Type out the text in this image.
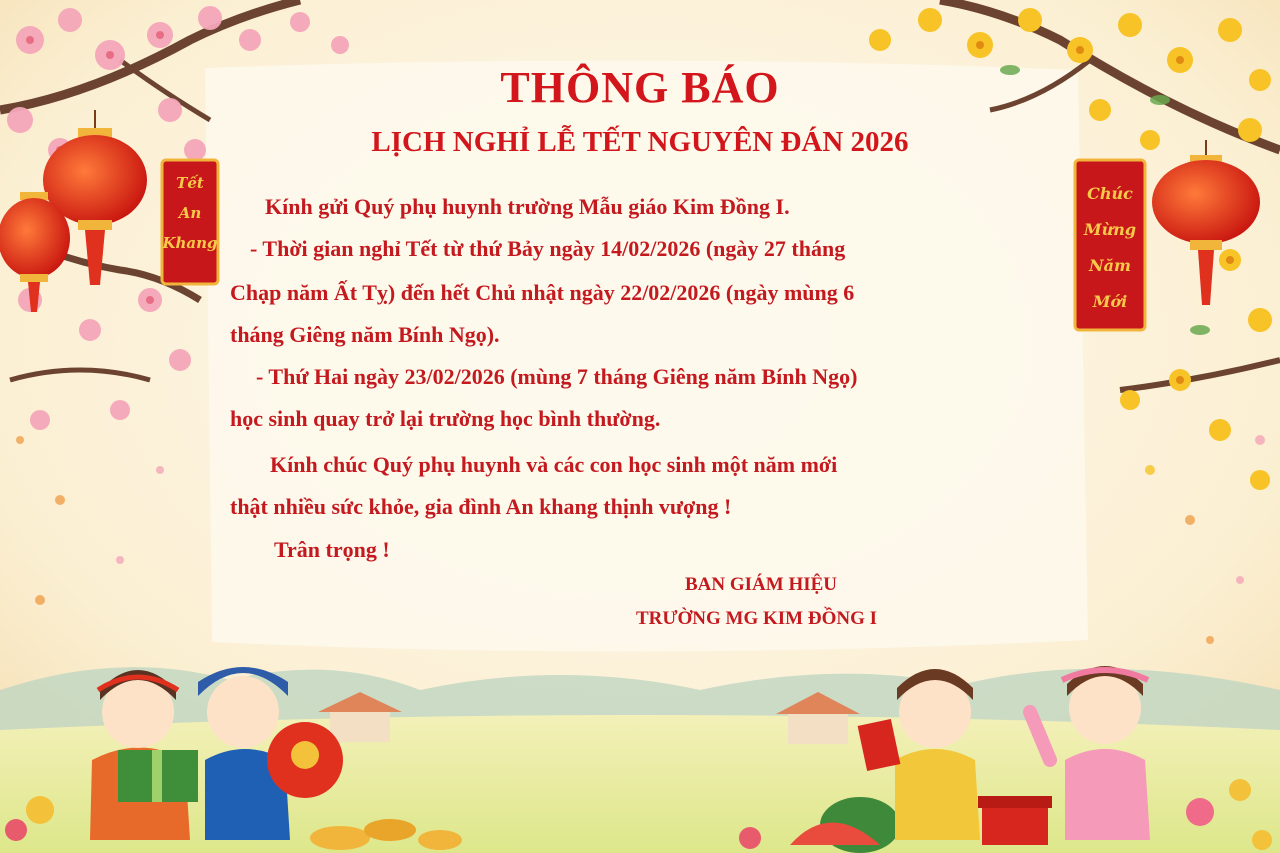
Tết
An
Khang
Chúc
Mừng
Năm
Mới
THÔNG BÁO
LỊCH NGHỈ LỄ TẾT NGUYÊN ĐÁN 2026
Kính gửi Quý phụ huynh trường Mẫu giáo Kim Đồng I.
- Thời gian nghỉ Tết từ thứ Bảy ngày 14/02/2026 (ngày 27 tháng
Chạp năm Ất Tỵ) đến hết Chủ nhật ngày 22/02/2026 (ngày mùng 6
tháng Giêng năm Bính Ngọ).
- Thứ Hai ngày 23/02/2026 (mùng 7 tháng Giêng năm Bính Ngọ)
học sinh quay trở lại trường học bình thường.
Kính chúc Quý phụ huynh và các con học sinh một năm mới
thật nhiều sức khỏe, gia đình An khang thịnh vượng !
Trân trọng !
BAN GIÁM HIỆU
TRƯỜNG MG KIM ĐỒNG I
